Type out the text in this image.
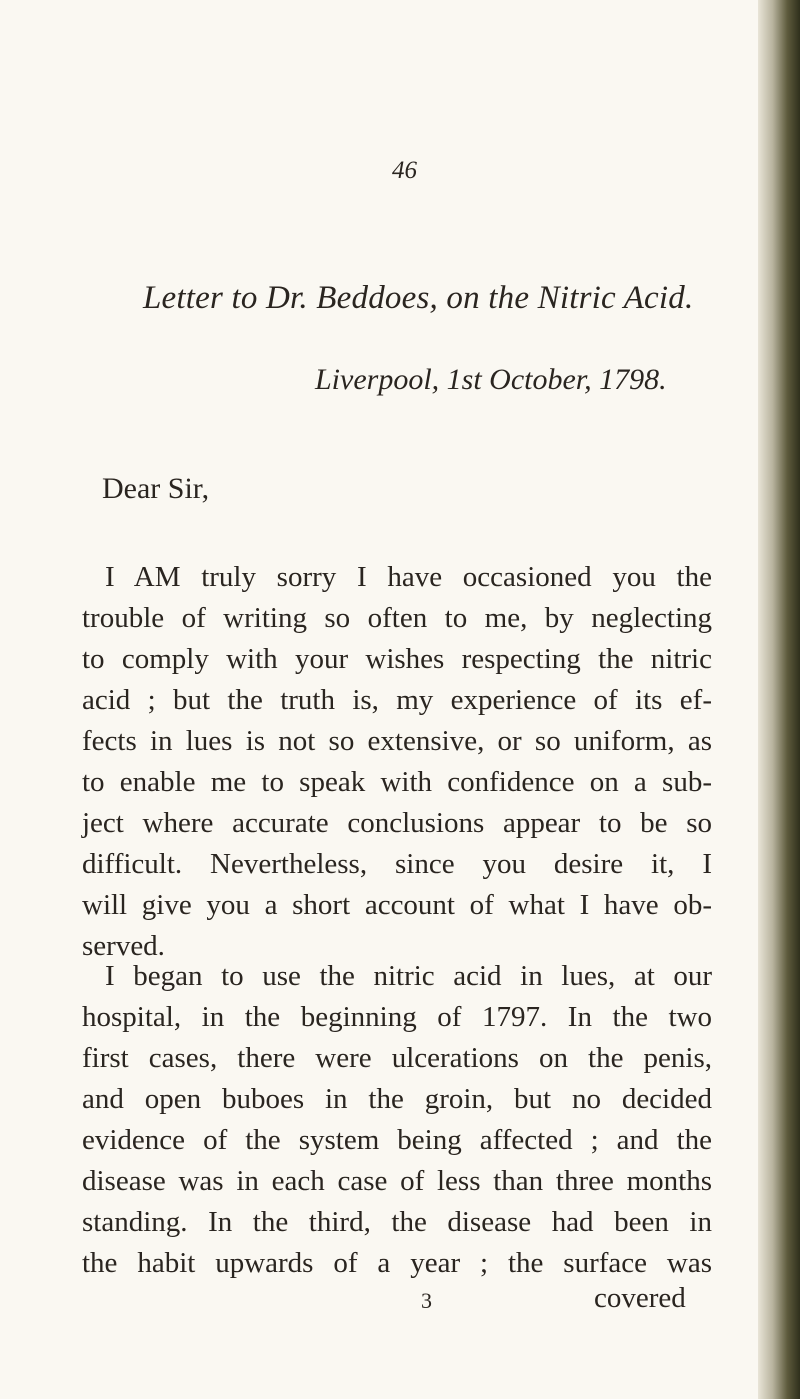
46
Letter to Dr. Beddoes, on the Nitric Acid.
Liverpool, 1st October, 1798.
Dear Sir,
I AM truly sorry I have occasioned you the
trouble of writing so often to me, by neglecting
to comply with your wishes respecting the nitric
acid ; but the truth is, my experience of its ef-
fects in lues is not so extensive, or so uniform, as
to enable me to speak with confidence on a sub-
ject where accurate conclusions appear to be so
difficult. Nevertheless, since you desire it, I
will give you a short account of what I have ob-
served.
I began to use the nitric acid in lues, at our
hospital, in the beginning of 1797. In the two
first cases, there were ulcerations on the penis,
and open buboes in the groin, but no decided
evidence of the system being affected ; and the
disease was in each case of less than three months
standing. In the third, the disease had been in
the habit upwards of a year ; the surface was
3	covered
